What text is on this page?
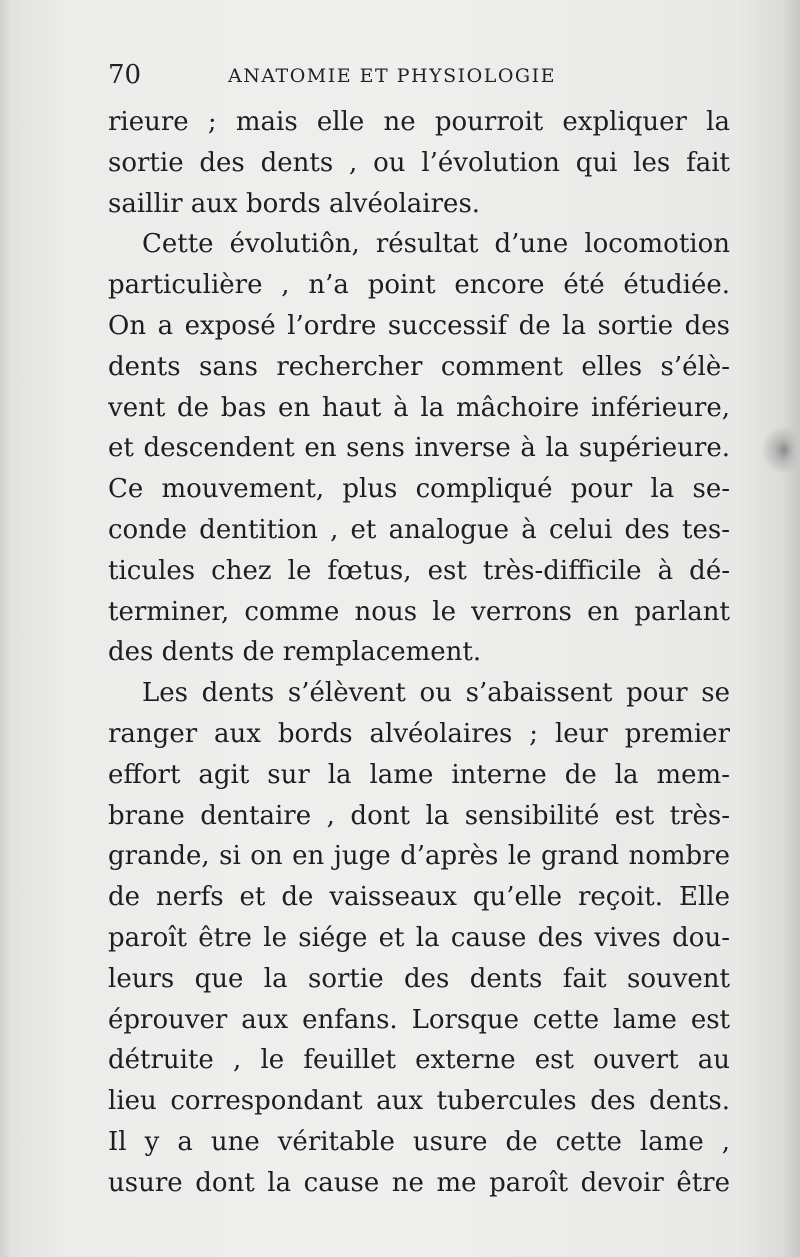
70	ANATOMIE ET PHYSIOLOGIE
rieure ; mais elle ne pourroit expliquer la
sortie des dents , ou l’évolution qui les fait
saillir aux bords alvéolaires.
Cette évolutiôn, résultat d’une locomotion
particulière , n’a point encore été étudiée.
On a exposé l’ordre successif de la sortie des
dents sans rechercher comment elles s’élè-
vent de bas en haut à la mâchoire inférieure,
et descendent en sens inverse à la supérieure.
Ce mouvement, plus compliqué pour la se-
conde dentition , et analogue à celui des tes-
ticules chez le fœtus, est très-difficile à dé-
terminer, comme nous le verrons en parlant
des dents de remplacement.
Les dents s’élèvent ou s’abaissent pour se
ranger aux bords alvéolaires ; leur premier
effort agit sur la lame interne de la mem-
brane dentaire , dont la sensibilité est très-
grande, si on en juge d’après le grand nombre
de nerfs et de vaisseaux qu’elle reçoit. Elle
paroît être le siége et la cause des vives dou-
leurs que la sortie des dents fait souvent
éprouver aux enfans. Lorsque cette lame est
détruite , le feuillet externe est ouvert au
lieu correspondant aux tubercules des dents.
Il y a une véritable usure de cette lame ,
usure dont la cause ne me paroît devoir être
